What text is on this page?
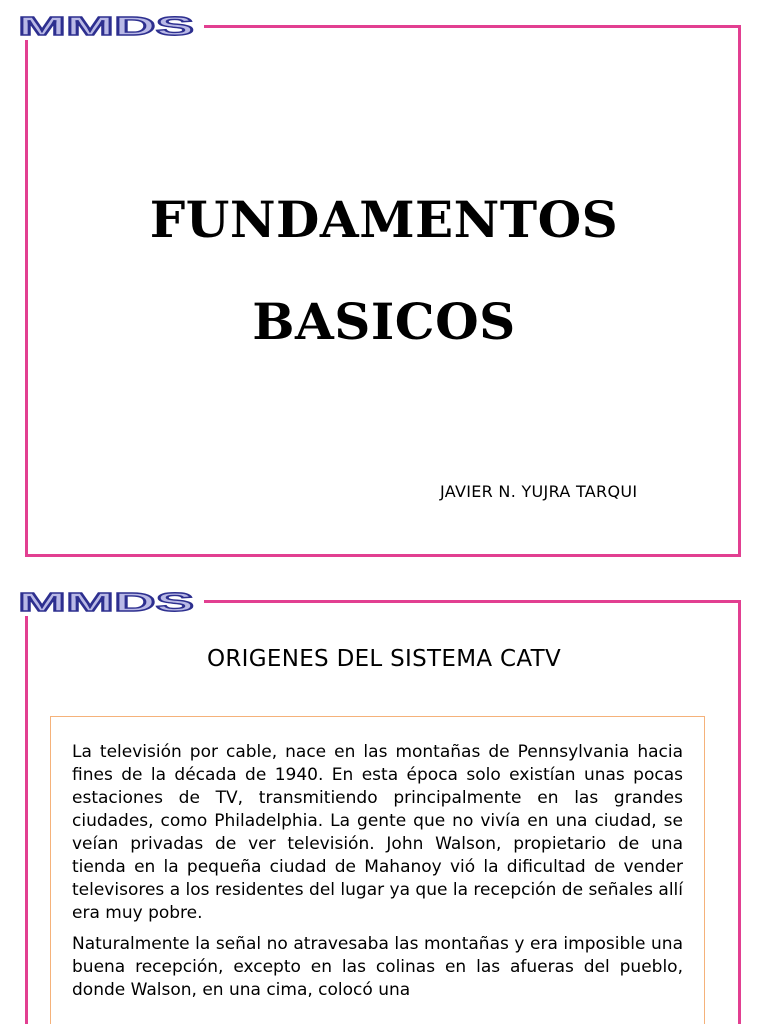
MMDS
FUNDAMENTOS
BASICOS
JAVIER N. YUJRA TARQUI
MMDS
ORIGENES DEL SISTEMA CATV

La televisión por cable, nace en las montañas de Pennsylvania hacia fines de la década de 1940. En esta época solo existían unas pocas estaciones de TV, transmitiendo principalmente en las grandes ciudades, como Philadelphia. La gente que no vivía en una ciudad, se veían privadas de ver televisión. John Walson, propietario de una tienda en la pequeña ciudad de Mahanoy vió la dificultad de vender televisores a los residentes del lugar ya que la recepción de señales allí era muy pobre.

Naturalmente la señal no atravesaba las montañas y era imposible una buena recepción, excepto en las colinas en las afueras del pueblo, donde Walson, en una cima, colocó una
